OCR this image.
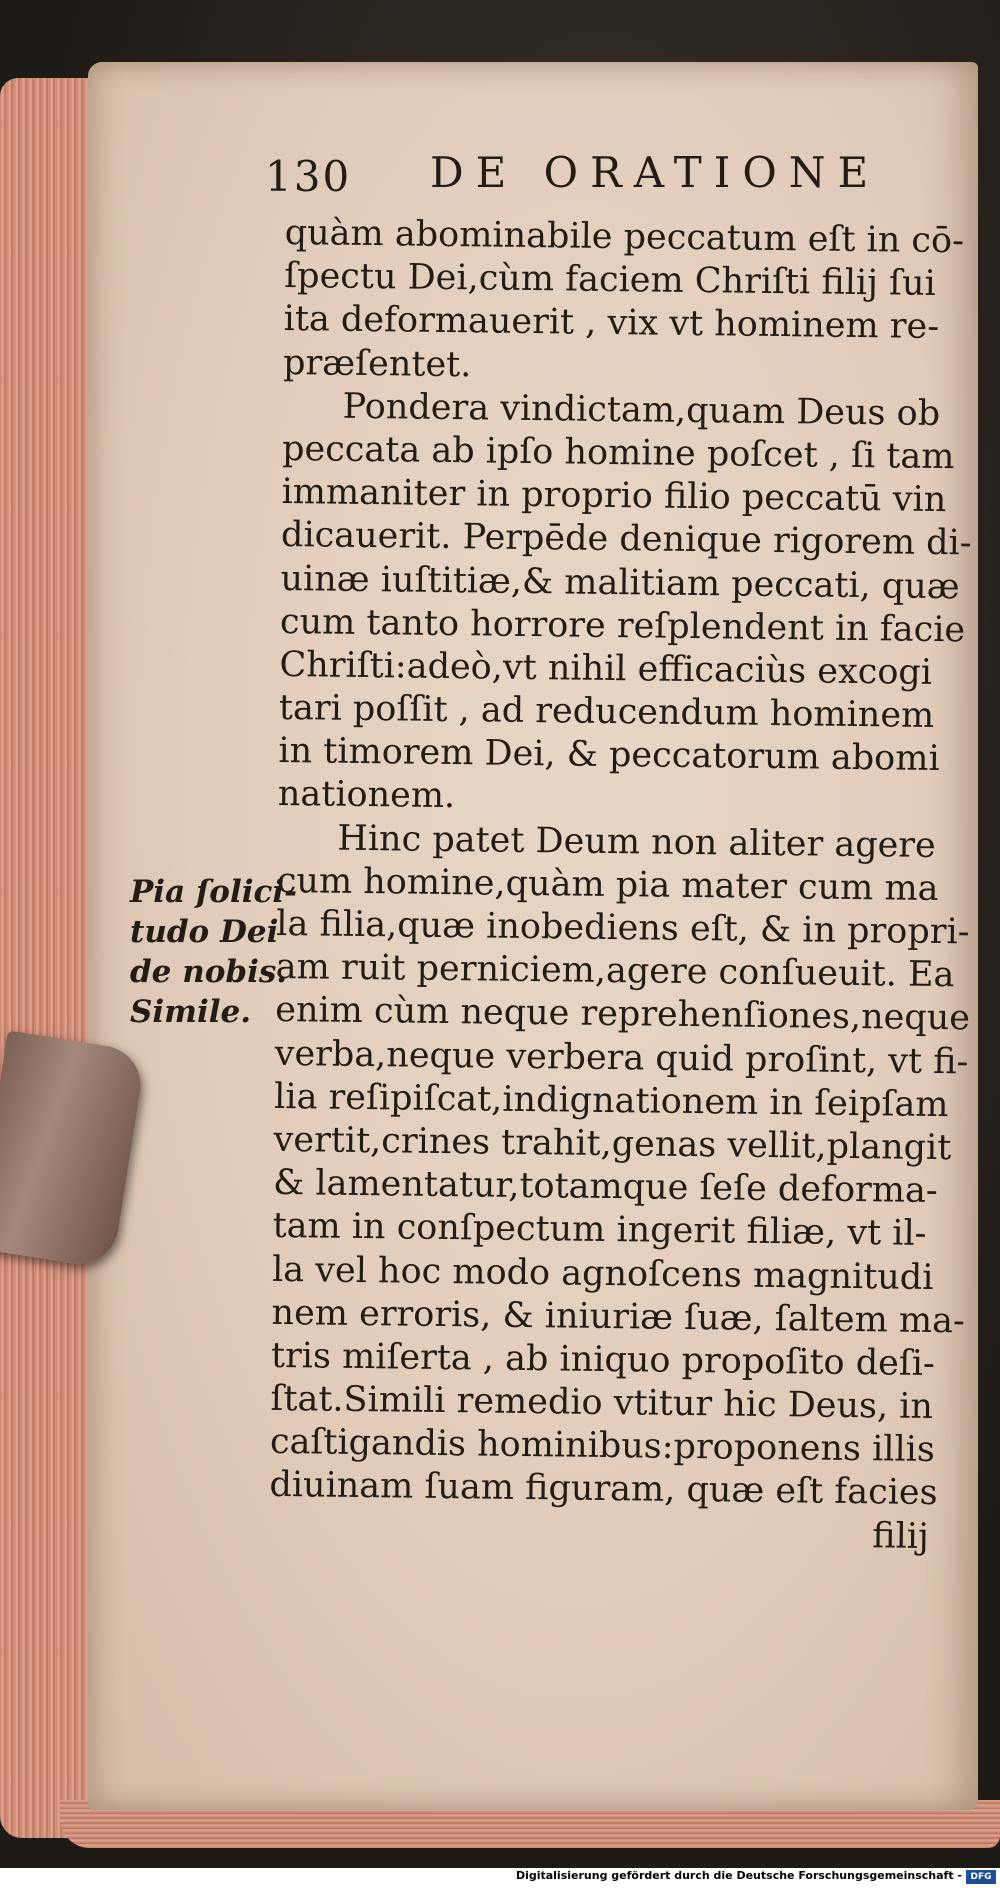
130 DE ORATIONE
quàm abominabile peccatum eſt in cō-
ſpectu Dei,cùm faciem Chriſti filij ſui
ita deformauerit , vix vt hominem re-
præſentet.
Pondera vindictam,quam Deus ob
peccata ab ipſo homine poſcet , ſi tam
immaniter in proprio filio peccatū vin
dicauerit. Perpēde denique rigorem di-
uinæ iuſtitiæ,& malitiam peccati, quæ
cum tanto horrore reſplendent in facie
Chriſti:adeò,vt nihil efficaciùs excogi
tari poſſit , ad reducendum hominem
in timorem Dei, & peccatorum abomi
nationem.
Hinc patet Deum non aliter agere
cum homine,quàm pia mater cum ma
la filia,quæ inobediens eſt, & in propri-
am ruit perniciem,agere conſueuit. Ea
enim cùm neque reprehenſiones,neque
verba,neque verbera quid proſint, vt fi-
lia reſipiſcat,indignationem in ſeipſam
vertit,crines trahit,genas vellit,plangit
& lamentatur,totamque ſeſe deforma-
tam in conſpectum ingerit filiæ, vt il-
la vel hoc modo agnoſcens magnitudi
nem erroris, & iniuriæ ſuæ, ſaltem ma-
tris miſerta , ab iniquo propoſito deſi-
ſtat.Simili remedio vtitur hic Deus, in
caſtigandis hominibus:proponens illis
diuinam ſuam figuram, quæ eſt facies
filij
Pia ſolici-
tudo Dei
de nobis.
Simile.
Digitalisierung gefördert durch die Deutsche Forschungsgemeinschaft - DFG
